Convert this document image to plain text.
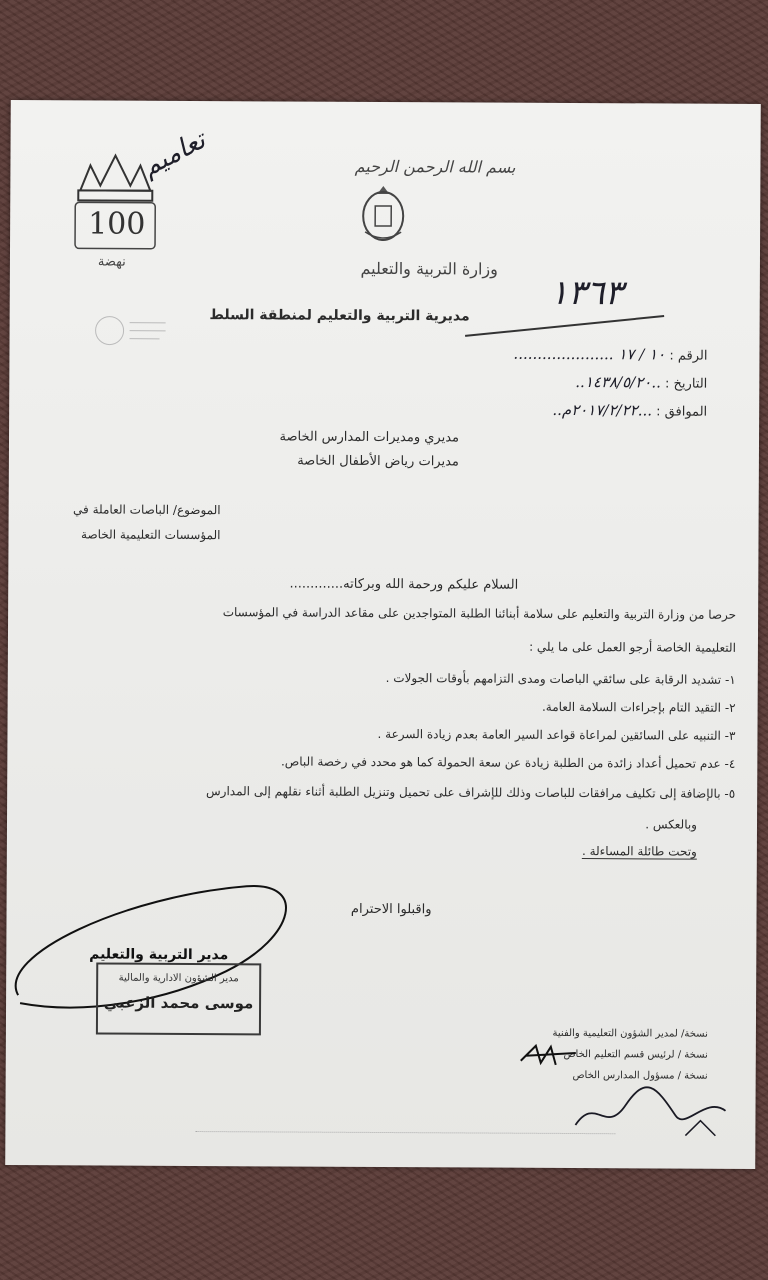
100
نهضة
تعاميم	بسم الله الرحمن الرحيم
وزارة التربية والتعليم
١٣٦٣
مديرية التربية والتعليم لمنطقة السلط
الرقم : ١٠ / ١٧ .....................
التاريخ : ..١٤٣٨/٥/٢٠..
الموافق : ...٢٠١٧/٢/٢٢م..
مديري ومديرات المدارس الخاصة
مديرات رياض الأطفال الخاصة
الموضوع/ الباصات العاملة في
المؤسسات التعليمية الخاصة
السلام عليكم ورحمة الله وبركاته.............
حرصا من وزارة التربية والتعليم على سلامة أبنائنا الطلبة المتواجدين على مقاعد الدراسة في المؤسسات
التعليمية الخاصة أرجو العمل على ما يلي :
١- تشديد الرقابة على سائقي الباصات ومدى التزامهم بأوقات الجولات .
٢- التقيد التام بإجراءات السلامة العامة.
٣- التنبيه على السائقين لمراعاة قواعد السير العامة بعدم زيادة السرعة .
٤- عدم تحميل أعداد زائدة من الطلبة زيادة عن سعة الحمولة كما هو محدد في رخصة الباص.
٥- بالإضافة إلى تكليف مرافقات للباصات وذلك للإشراف على تحميل وتنزيل الطلبة أثناء نقلهم إلى المدارس
وبالعكس .
وتحت طائلة المساءلة .
واقبلوا الاحترام
مدير التربية والتعليم
مدير الشؤون الادارية والمالية
موسى محمد الزعبي
نسخة/ لمدير الشؤون التعليمية والفنية
نسخة / لرئيس قسم التعليم الخاص
نسخة / مسؤول المدارس الخاص
